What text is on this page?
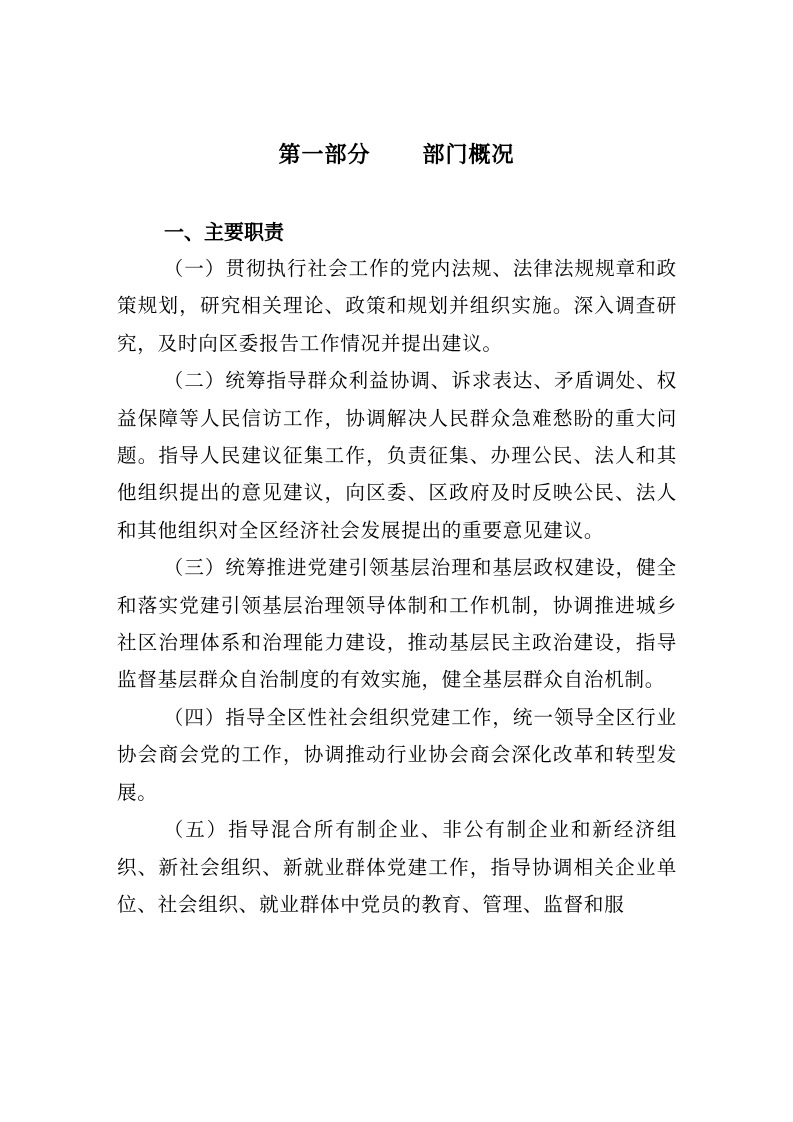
第一部分      部门概况

一、主要职责

（一）贯彻执行社会工作的党内法规、法律法规规章和政策规划，研究相关理论、政策和规划并组织实施。深入调查研究，及时向区委报告工作情况并提出建议。

（二）统筹指导群众利益协调、诉求表达、矛盾调处、权益保障等人民信访工作，协调解决人民群众急难愁盼的重大问题。指导人民建议征集工作，负责征集、办理公民、法人和其他组织提出的意见建议，向区委、区政府及时反映公民、法人和其他组织对全区经济社会发展提出的重要意见建议。

（三）统筹推进党建引领基层治理和基层政权建设，健全和落实党建引领基层治理领导体制和工作机制，协调推进城乡社区治理体系和治理能力建设，推动基层民主政治建设，指导监督基层群众自治制度的有效实施，健全基层群众自治机制。

（四）指导全区性社会组织党建工作，统一领导全区行业协会商会党的工作，协调推动行业协会商会深化改革和转型发展。

（五）指导混合所有制企业、非公有制企业和新经济组织、新社会组织、新就业群体党建工作，指导协调相关企业单位、社会组织、就业群体中党员的教育、管理、监督和服
